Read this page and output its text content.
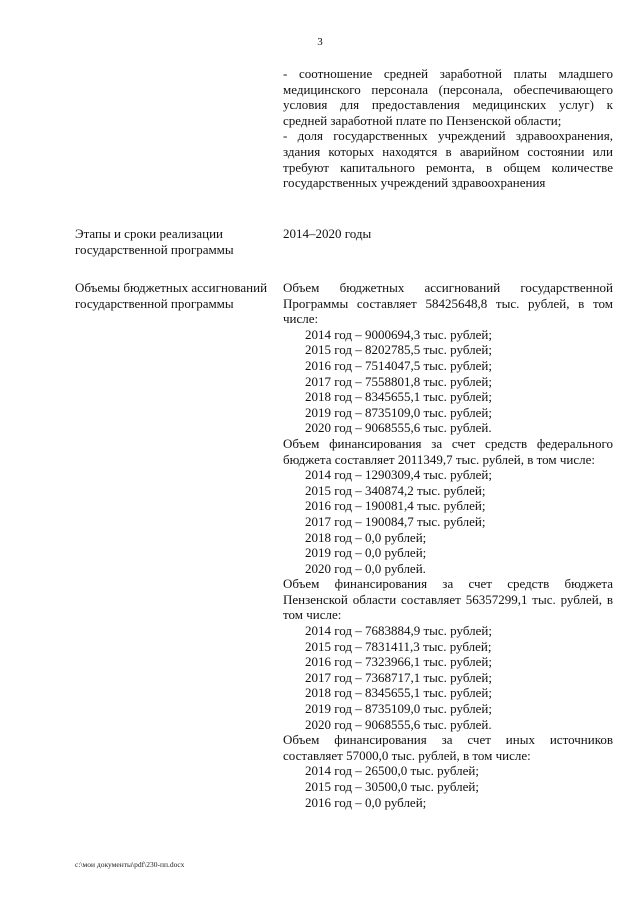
3

- соотношение средней заработной платы младшего медицинского персонала (персонала, обеспечивающего условия для предоставления медицинских услуг) к средней заработной плате по Пензенской области;

- доля государственных учреждений здравоохранения, здания которых находятся в аварийном состоянии или требуют капитального ремонта, в общем количестве государственных учреждений здравоохранения

Этапы и сроки реализации государственной программы
2014–2020 годы
Объемы бюджетных ассигнований государственной программы

Объем бюджетных ассигнований государственной Программы составляет 58425648,8 тыс. рублей, в том числе:

2014 год – 9000694,3 тыс. рублей;
2015 год – 8202785,5 тыс. рублей;
2016 год – 7514047,5 тыс. рублей;
2017 год – 7558801,8 тыс. рублей;
2018 год – 8345655,1 тыс. рублей;
2019 год – 8735109,0 тыс. рублей;
2020 год – 9068555,6 тыс. рублей.

Объем финансирования за счет средств федерального бюджета составляет 2011349,7 тыс. рублей, в том числе:

2014 год – 1290309,4 тыс. рублей;
2015 год – 340874,2 тыс. рублей;
2016 год – 190081,4 тыс. рублей;
2017 год – 190084,7 тыс. рублей;
2018 год – 0,0 рублей;
2019 год – 0,0 рублей;
2020 год – 0,0 рублей.

Объем финансирования за счет средств бюджета Пензенской области составляет 56357299,1 тыс. рублей, в том числе:

2014 год – 7683884,9 тыс. рублей;
2015 год – 7831411,3 тыс. рублей;
2016 год – 7323966,1 тыс. рублей;
2017 год – 7368717,1 тыс. рублей;
2018 год – 8345655,1 тыс. рублей;
2019 год – 8735109,0 тыс. рублей;
2020 год – 9068555,6 тыс. рублей.

Объем финансирования за счет иных источников составляет 57000,0 тыс. рублей, в том числе:

2014 год – 26500,0 тыс. рублей;
2015 год – 30500,0 тыс. рублей;
2016 год – 0,0 рублей;
c:\мои документы\pdf\230-пп.docx
